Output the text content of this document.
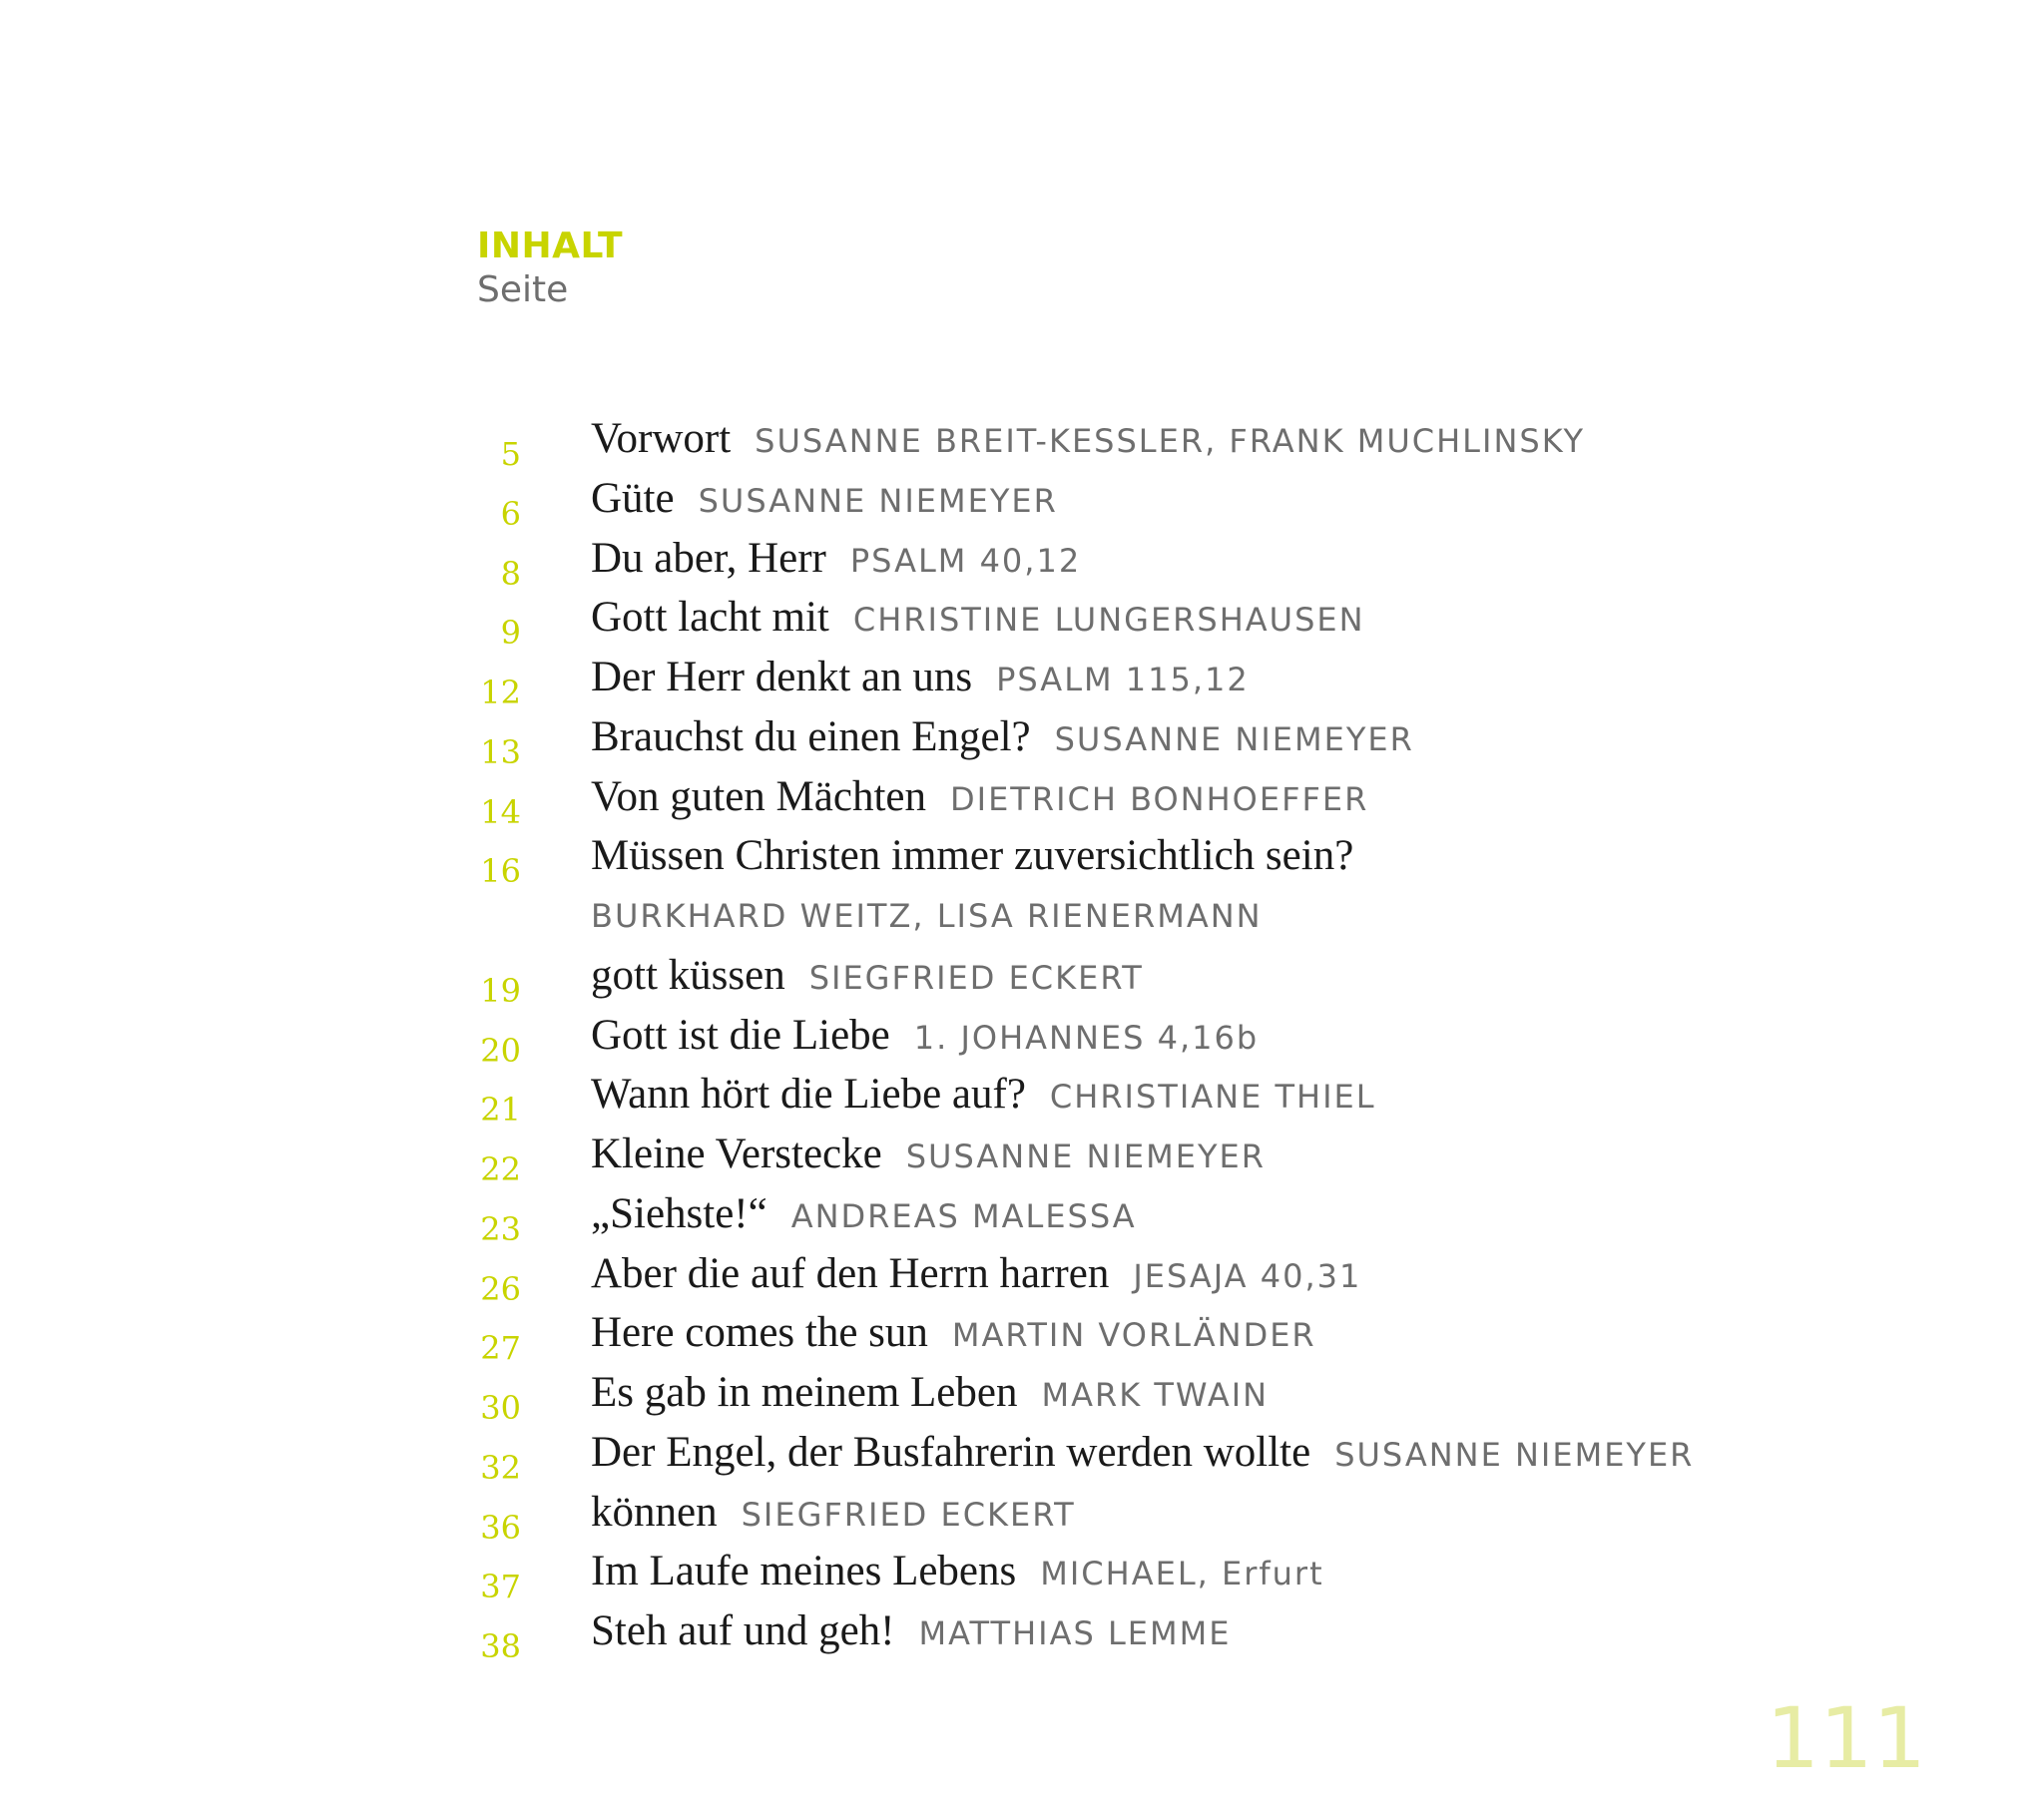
INHALT
Seite
5 Vorwort SUSANNE BREIT-KESSLER, FRANK MUCHLINSKY
6 Güte SUSANNE NIEMEYER
8 Du aber, Herr PSALM 40,12
9 Gott lacht mit CHRISTINE LUNGERSHAUSEN
12 Der Herr denkt an uns PSALM 115,12
13 Brauchst du einen Engel? SUSANNE NIEMEYER
14 Von guten Mächten DIETRICH BONHOEFFER
16 Müssen Christen immer zuversichtlich sein?
BURKHARD WEITZ, LISA RIENERMANN
19 gott küssen SIEGFRIED ECKERT
20 Gott ist die Liebe 1. JOHANNES 4,16b
21 Wann hört die Liebe auf? CHRISTIANE THIEL
22 Kleine Verstecke SUSANNE NIEMEYER
23 „Siehste!“ ANDREAS MALESSA
26 Aber die auf den Herrn harren JESAJA 40,31
27 Here comes the sun MARTIN VORLÄNDER
30 Es gab in meinem Leben MARK TWAIN
32 Der Engel, der Busfahrerin werden wollte SUSANNE NIEMEYER
36 können SIEGFRIED ECKERT
37 Im Laufe meines Lebens MICHAEL, Erfurt
38 Steh auf und geh! MATTHIAS LEMME
111
